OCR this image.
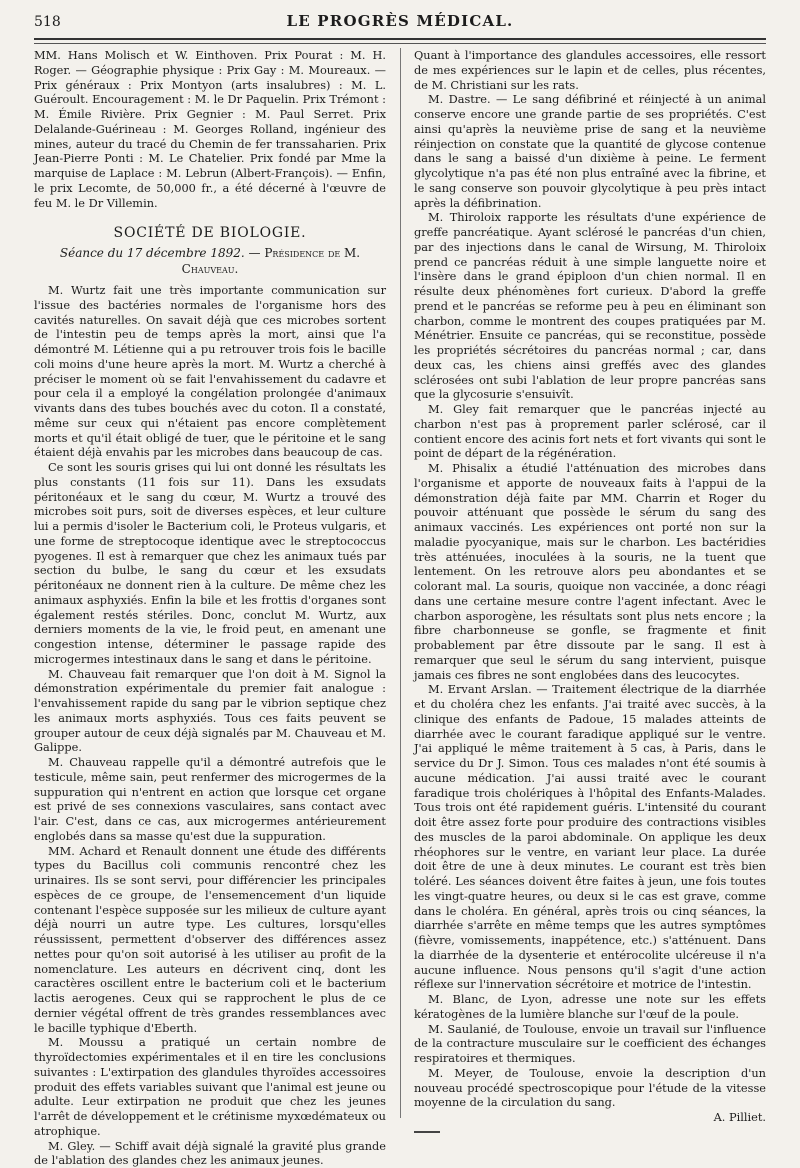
518	LE PROGRÈS MÉDICAL.

MM. Hans Molisch et W. Einthoven. Prix Pourat : M. H. Roger. — Géographie physique : Prix Gay : M. Moureaux. — Prix généraux : Prix Montyon (arts insalubres) : M. L. Guéroult. Encouragement : M. le Dr Paquelin. Prix Trémont : M. Émile Rivière. Prix Gegnier : M. Paul Serret. Prix Delalande-Guérineau : M. Georges Rolland, ingénieur des mines, auteur du tracé du Chemin de fer transsaharien. Prix Jean-Pierre Ponti : M. Le Chatelier. Prix fondé par Mme la marquise de Laplace : M. Lebrun (Albert-François). — Enfin, le prix Lecomte, de 50,000 fr., a été décerné à l'œuvre de feu M. le Dr Villemin.

SOCIÉTÉ DE BIOLOGIE.
Séance du 17 décembre 1892. — Présidence de M. Chauveau.

M. Wurtz fait une très importante communication sur l'issue des bactéries normales de l'organisme hors des cavités naturelles. On savait déjà que ces microbes sortent de l'intestin peu de temps après la mort, ainsi que l'a démontré M. Létienne qui a pu retrouver trois fois le bacille coli moins d'une heure après la mort. M. Wurtz a cherché à préciser le moment où se fait l'envahissement du cadavre et pour cela il a employé la congélation prolongée d'animaux vivants dans des tubes bouchés avec du coton. Il a constaté, même sur ceux qui n'étaient pas encore complètement morts et qu'il était obligé de tuer, que le péritoine et le sang étaient déjà envahis par les microbes dans beaucoup de cas.

Ce sont les souris grises qui lui ont donné les résultats les plus constants (11 fois sur 11). Dans les exsudats péritonéaux et le sang du cœur, M. Wurtz a trouvé des microbes soit purs, soit de diverses espèces, et leur culture lui a permis d'isoler le Bacterium coli, le Proteus vulgaris, et une forme de streptocoque identique avec le streptococcus pyogenes. Il est à remarquer que chez les animaux tués par section du bulbe, le sang du cœur et les exsudats péritonéaux ne donnent rien à la culture. De même chez les animaux asphyxiés. Enfin la bile et les frottis d'organes sont également restés stériles. Donc, conclut M. Wurtz, aux derniers moments de la vie, le froid peut, en amenant une congestion intense, déterminer le passage rapide des microgermes intestinaux dans le sang et dans le péritoine.

M. Chauveau fait remarquer que l'on doit à M. Signol la démonstration expérimentale du premier fait analogue : l'envahissement rapide du sang par le vibrion septique chez les animaux morts asphyxiés. Tous ces faits peuvent se grouper autour de ceux déjà signalés par M. Chauveau et M. Galippe.

M. Chauveau rappelle qu'il a démontré autrefois que le testicule, même sain, peut renfermer des microgermes de la suppuration qui n'entrent en action que lorsque cet organe est privé de ses connexions vasculaires, sans contact avec l'air. C'est, dans ce cas, aux microgermes antérieurement englobés dans sa masse qu'est due la suppuration.

MM. Achard et Renault donnent une étude des différents types du Bacillus coli communis rencontré chez les urinaires. Ils se sont servi, pour différencier les principales espèces de ce groupe, de l'ensemencement d'un liquide contenant l'espèce supposée sur les milieux de culture ayant déjà nourri un autre type. Les cultures, lorsqu'elles réussissent, permettent d'observer des différences assez nettes pour qu'on soit autorisé à les utiliser au profit de la nomenclature. Les auteurs en décrivent cinq, dont les caractères oscillent entre le bacterium coli et le bacterium lactis aerogenes. Ceux qui se rapprochent le plus de ce dernier végétal offrent de très grandes ressemblances avec le bacille typhique d'Eberth.

M. Moussu a pratiqué un certain nombre de thyroïdectomies expérimentales et il en tire les conclusions suivantes : L'extirpation des glandules thyroïdes accessoires produit des effets variables suivant que l'animal est jeune ou adulte. Leur extirpation ne produit que chez les jeunes l'arrêt de développement et le crétinisme myxœdémateux ou atrophique.

M. Gley. — Schiff avait déjà signalé la gravité plus grande de l'ablation des glandes chez les animaux jeunes.

Quant à l'importance des glandules accessoires, elle ressort de mes expériences sur le lapin et de celles, plus récentes, de M. Christiani sur les rats.

M. Dastre. — Le sang défibriné et réinjecté à un animal conserve encore une grande partie de ses propriétés. C'est ainsi qu'après la neuvième prise de sang et la neuvième réinjection on constate que la quantité de glycose contenue dans le sang a baissé d'un dixième à peine. Le ferment glycolytique n'a pas été non plus entraîné avec la fibrine, et le sang conserve son pouvoir glycolytique à peu près intact après la défibrination.

M. Thiroloix rapporte les résultats d'une expérience de greffe pancréatique. Ayant sclérosé le pancréas d'un chien, par des injections dans le canal de Wirsung, M. Thiroloix prend ce pancréas réduit à une simple languette noire et l'insère dans le grand épiploon d'un chien normal. Il en résulte deux phénomènes fort curieux. D'abord la greffe prend et le pancréas se reforme peu à peu en éliminant son charbon, comme le montrent des coupes pratiquées par M. Ménétrier. Ensuite ce pancréas, qui se reconstitue, possède les propriétés sécrétoires du pancréas normal ; car, dans deux cas, les chiens ainsi greffés avec des glandes sclérosées ont subi l'ablation de leur propre pancréas sans que la glycosurie s'ensuivît.

M. Gley fait remarquer que le pancréas injecté au charbon n'est pas à proprement parler sclérosé, car il contient encore des acinis fort nets et fort vivants qui sont le point de départ de la régénération.

M. Phisalix a étudié l'atténuation des microbes dans l'organisme et apporte de nouveaux faits à l'appui de la démonstration déjà faite par MM. Charrin et Roger du pouvoir atténuant que possède le sérum du sang des animaux vaccinés. Les expériences ont porté non sur la maladie pyocyanique, mais sur le charbon. Les bactéridies très atténuées, inoculées à la souris, ne la tuent que lentement. On les retrouve alors peu abondantes et se colorant mal. La souris, quoique non vaccinée, a donc réagi dans une certaine mesure contre l'agent infectant. Avec le charbon asporogène, les résultats sont plus nets encore ; la fibre charbonneuse se gonfle, se fragmente et finit probablement par être dissoute par le sang. Il est à remarquer que seul le sérum du sang intervient, puisque jamais ces fibres ne sont englobées dans des leucocytes.

M. Ervant Arslan. — Traitement électrique de la diarrhée et du choléra chez les enfants. J'ai traité avec succès, à la clinique des enfants de Padoue, 15 malades atteints de diarrhée avec le courant faradique appliqué sur le ventre. J'ai appliqué le même traitement à 5 cas, à Paris, dans le service du Dr J. Simon. Tous ces malades n'ont été soumis à aucune médication. J'ai aussi traité avec le courant faradique trois cholériques à l'hôpital des Enfants-Malades. Tous trois ont été rapidement guéris. L'intensité du courant doit être assez forte pour produire des contractions visibles des muscles de la paroi abdominale. On applique les deux rhéophores sur le ventre, en variant leur place. La durée doit être de une à deux minutes. Le courant est très bien toléré. Les séances doivent être faites à jeun, une fois toutes les vingt-quatre heures, ou deux si le cas est grave, comme dans le choléra. En général, après trois ou cinq séances, la diarrhée s'arrête en même temps que les autres symptômes (fièvre, vomissements, inappétence, etc.) s'atténuent. Dans la diarrhée de la dysenterie et entérocolite ulcéreuse il n'a aucune influence. Nous pensons qu'il s'agit d'une action réflexe sur l'innervation sécrétoire et motrice de l'intestin.

M. Blanc, de Lyon, adresse une note sur les effets kératogènes de la lumière blanche sur l'œuf de la poule.

M. Saulanié, de Toulouse, envoie un travail sur l'influence de la contracture musculaire sur le coefficient des échanges respiratoires et thermiques.

M. Meyer, de Toulouse, envoie la description d'un nouveau procédé spectroscopique pour l'étude de la vitesse moyenne de la circulation du sang.

A. Pilliet.
